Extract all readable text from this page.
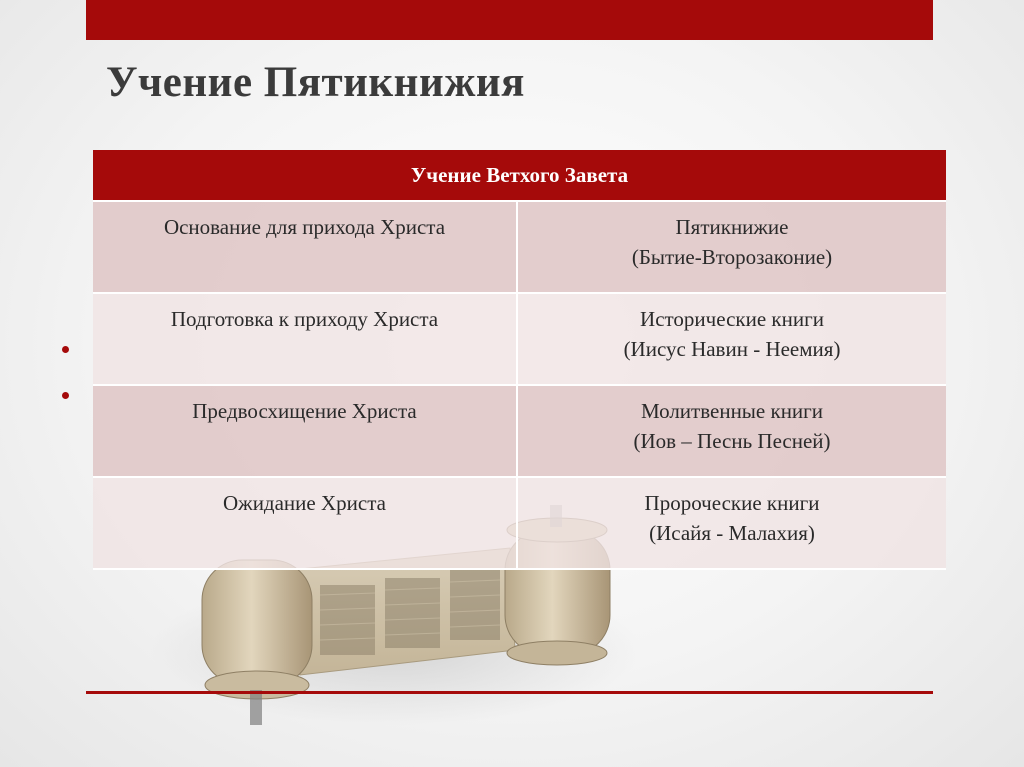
Учение Пятикнижия
Учение Ветхого Завета	
Основание для прихода Христа	Пятикнижие
(Бытие-Второзаконие)

Подготовка к приходу Христа	Исторические книги
(Иисус Навин - Неемия)

Предвосхищение Христа	Молитвенные книги
(Иов – Песнь Песней)

Ожидание Христа	Пророческие книги
(Исайя - Малахия)
